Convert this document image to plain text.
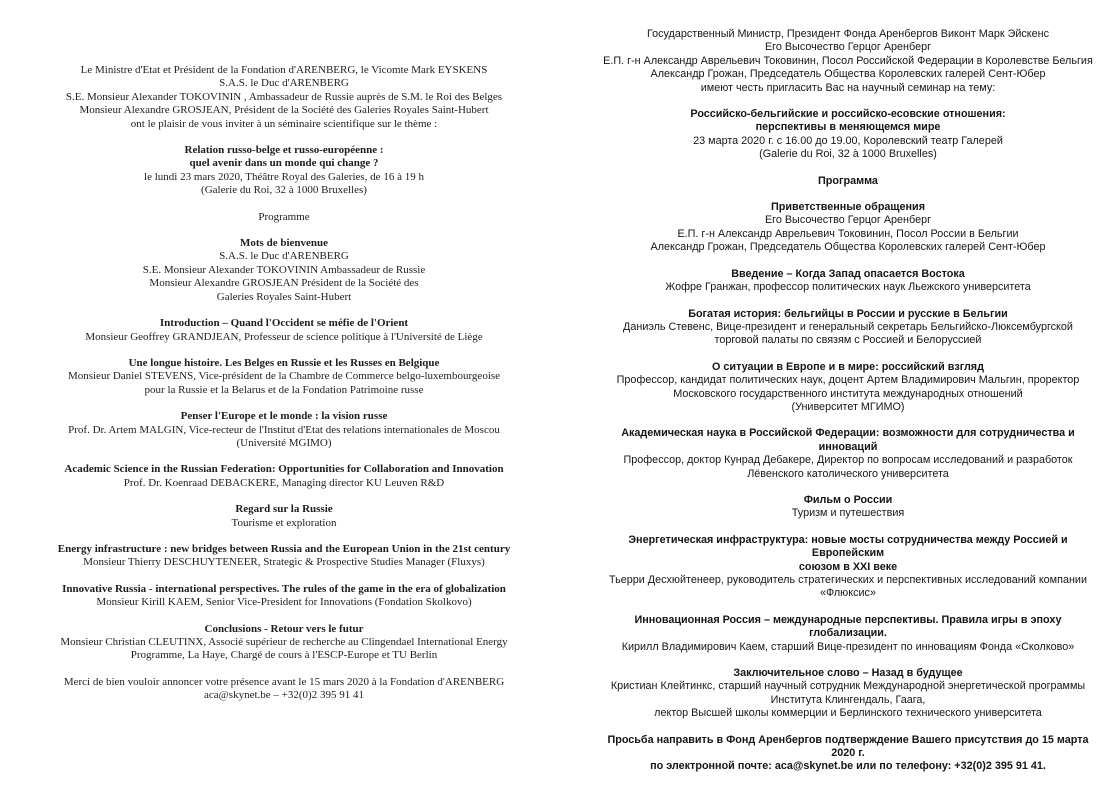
Le Ministre d'Etat et Président de la Fondation d'ARENBERG, le Vicomte Mark EYSKENS
S.A.S. le Duc d'ARENBERG
S.E. Monsieur Alexander TOKOVININ , Ambassadeur de Russie auprès de S.M. le Roi des Belges
Monsieur Alexandre GROSJEAN, Président de la Société des Galeries Royales Saint-Hubert
ont le plaisir de vous inviter à un séminaire scientifique sur le thème :
Relation russo-belge et russo-européenne :
quel avenir dans un monde qui change ?
le lundi 23 mars 2020, Théâtre Royal des Galeries, de 16 à 19 h
(Galerie du Roi, 32 à 1000 Bruxelles)
Programme
Mots de bienvenue
S.A.S. le Duc d'ARENBERG
S.E. Monsieur Alexander TOKOVININ Ambassadeur de Russie
Monsieur Alexandre GROSJEAN Président de la Société des
Galeries Royales Saint-Hubert
Introduction – Quand l'Occident se méfie de l'Orient
Monsieur Geoffrey GRANDJEAN, Professeur de science politique à l'Université de Liège
Une longue histoire. Les Belges en Russie et les Russes en Belgique
Monsieur Daniel STEVENS, Vice-président de la Chambre de Commerce belgo-luxembourgeoise
pour la Russie et la Belarus et de la Fondation Patrimoine russe
Penser l'Europe et le monde : la vision russe
Prof. Dr. Artem MALGIN, Vice-recteur de l'Institut d'Etat des relations internationales de Moscou
(Université MGIMO)
Academic Science in the Russian Federation: Opportunities for Collaboration and Innovation
Prof. Dr. Koenraad DEBACKERE, Managing director KU Leuven R&D
Regard sur la Russie
Tourisme et exploration
Energy infrastructure : new bridges between Russia and the European Union in the 21st century
Monsieur Thierry DESCHUYTENEER, Strategic & Prospective Studies Manager (Fluxys)
Innovative Russia - international perspectives. The rules of the game in the era of globalization
Monsieur Kirill KAEM, Senior Vice-President for Innovations (Fondation Skolkovo)
Conclusions - Retour vers le futur
Monsieur Christian CLEUTINX, Associé supérieur de recherche au Clingendael International Energy
Programme, La Haye, Chargé de cours à l'ESCP-Europe et TU Berlin
Merci de bien vouloir annoncer votre présence avant le 15 mars 2020 à la Fondation d'ARENBERG
aca@skynet.be – +32(0)2 395 91 41
Государственный Министр, Президент Фонда Аренбергов Виконт Марк Эйскенс
Его Высочество Герцог Аренберг
Е.П. г-н Александр Аврельевич Токовинин, Посол Российской Федерации в Королевстве Бельгия
Александр Грожан, Председатель Общества Королевских галерей Сент-Юбер
имеют честь пригласить Вас на научный семинар на тему:
Российско-бельгийские и российско-есовские отношения:
перспективы в меняющемся мире
23 марта 2020 г. с 16.00 до 19.00, Королевский театр Галерей
(Galerie du Roi, 32 à 1000 Bruxelles)
Программа
Приветственные обращения
Его Высочество Герцог Аренберг
Е.П. г-н Александр Аврельевич Токовинин, Посол России в Бельгии
Александр Грожан, Председатель Общества Королевских галерей Сент-Юбер
Введение – Когда Запад опасается Востока
Жофре Гранжан, профессор политических наук Льежского университета
Богатая история: бельгийцы в России и русские в Бельгии
Даниэль Стевенс, Вице-президент и генеральный секретарь Бельгийско-Люксембургской
торговой палаты по связям с Россией и Белоруссией
О ситуации в Европе и в мире: российский взгляд
Профессор, кандидат политических наук, доцент Артем Владимирович Мальгин, проректор
Московского государственного института международных отношений
(Университет МГИМО)
Академическая наука в Российской Федерации: возможности для сотрудничества и
инноваций
Профессор, доктор Кунрад Дебакере, Директор по вопросам исследований и разработок
Лёвенского католического университета
Фильм о России
Туризм и путешествия
Энергетическая инфраструктура: новые мосты сотрудничества между Россией и Европейским
союзом в XXI веке
Тьерри Десхюйтенеер, руководитель стратегических и перспективных исследований компании
«Флюксис»
Инновационная Россия – международные перспективы. Правила игры в эпоху глобализации.
Кирилл Владимирович Каем, старший Вице-президент по инновациям Фонда «Сколково»
Заключительное слово – Назад в будущее
Кристиан Клейтинкс, старший научный сотрудник Международной энергетической программы
Института Клингендаль, Гаага,
лектор Высшей школы коммерции и Берлинского технического университета
Просьба направить в Фонд Аренбергов подтверждение Вашего присутствия до 15 марта 2020 г.
по электронной почте: aca@skynet.be или по телефону: +32(0)2 395 91 41.
